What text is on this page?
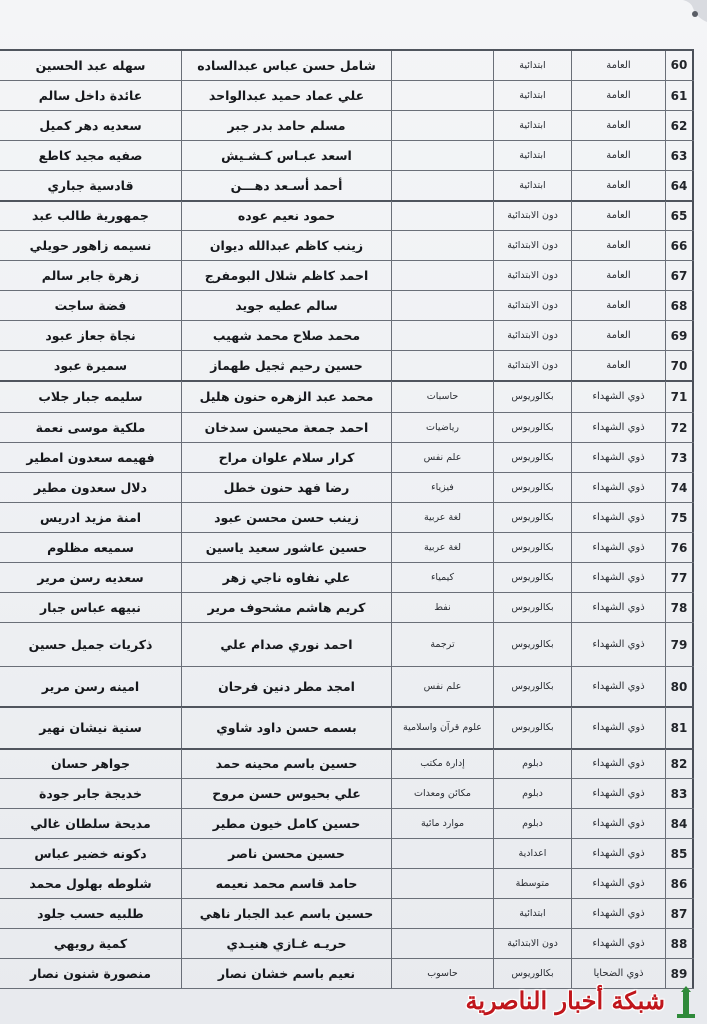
60
العامة
ابتدائية
شامل حسن عباس عبدالساده
سهله عبد الحسين
61
العامة
ابتدائية
علي عماد حميد عبدالواحد
عائدة داخل سالم
62
العامة
ابتدائية
مسلم حامد بدر جبر
سعديه دهر كميل
63
العامة
ابتدائية
اسعد عبـاس كـشـيش
صفيه مجيد كاطع
64
العامة
ابتدائية
أحمد أسـعد دهـــن
قادسية جباري
65
العامة
دون الابتدائية
حمود نعيم عوده
جمهورية طالب عبد
66
العامة
دون الابتدائية
زينب كاظم عبدالله ديوان
نسيمه زاهور حويلي
67
العامة
دون الابتدائية
احمد كاظم شلال البومفرج
زهرة جابر سالم
68
العامة
دون الابتدائية
سالم عطيه جويد
فضة ساجت
69
العامة
دون الابتدائية
محمد صلاح محمد شهيب
نجاة جعاز عبود
70
العامة
دون الابتدائية
حسين رحيم ثجيل طهماز
سميرة عبود
71
ذوي الشهداء
بكالوريوس
حاسبات
محمد عبد الزهره حنون هليل
سليمه جبار جلاب
72
ذوي الشهداء
بكالوريوس
رياضيات
احمد جمعة محيسن سدخان
ملكية موسى نعمة
73
ذوي الشهداء
بكالوريوس
علم نفس
كرار سلام علوان مراح
فهيمه سعدون امطير
74
ذوي الشهداء
بكالوريوس
فيزياء
رضا فهد حنون خطل
دلال سعدون مطير
75
ذوي الشهداء
بكالوريوس
لغة عربية
زينب حسن محسن عبود
امنة مزيد ادريس
76
ذوي الشهداء
بكالوريوس
لغة عربية
حسين عاشور سعيد ياسين
سميعه مظلوم
77
ذوي الشهداء
بكالوريوس
كيمياء
علي نفاوه ناجي زهر
سعديه رسن مرير
78
ذوي الشهداء
بكالوريوس
نفط
كريم هاشم مشحوف مرير
نبيهه عباس جبار
79
ذوي الشهداء
بكالوريوس
ترجمة
احمد نوري صدام علي
ذكريات جميل حسين
80
ذوي الشهداء
بكالوريوس
علم نفس
امجد مطر دنين فرحان
امينه رسن مرير
81
ذوي الشهداء
بكالوريوس
علوم قرآن واسلامية
بسمه حسن داود شاوي
سنية نيشان نهير
82
ذوي الشهداء
دبلوم
إدارة مكتب
حسين باسم محينه حمد
جواهر حسان
83
ذوي الشهداء
دبلوم
مكائن ومعدات
علي بحيوس حسن مروح
خديجة جابر جودة
84
ذوي الشهداء
دبلوم
موارد مائية
حسين كامل خيون مطير
مديحة سلطان غالي
85
ذوي الشهداء
اعدادية
حسين محسن ناصر
دكونه خضير عباس
86
ذوي الشهداء
متوسطة
حامد قاسم محمد نعيمه
شلوطه بهلول محمد
87
ذوي الشهداء
ابتدائية
حسين باسم عبد الجبار ناهي
طلبيه حسب جلود
88
ذوي الشهداء
دون الابتدائية
حريـه غـازي هنيـدي
كمية رويهي
89
ذوي الضحايا
بكالوريوس
حاسوب
نعيم باسم خشان نصار
منصورة شنون نصار
شبكة أخبار الناصرية
